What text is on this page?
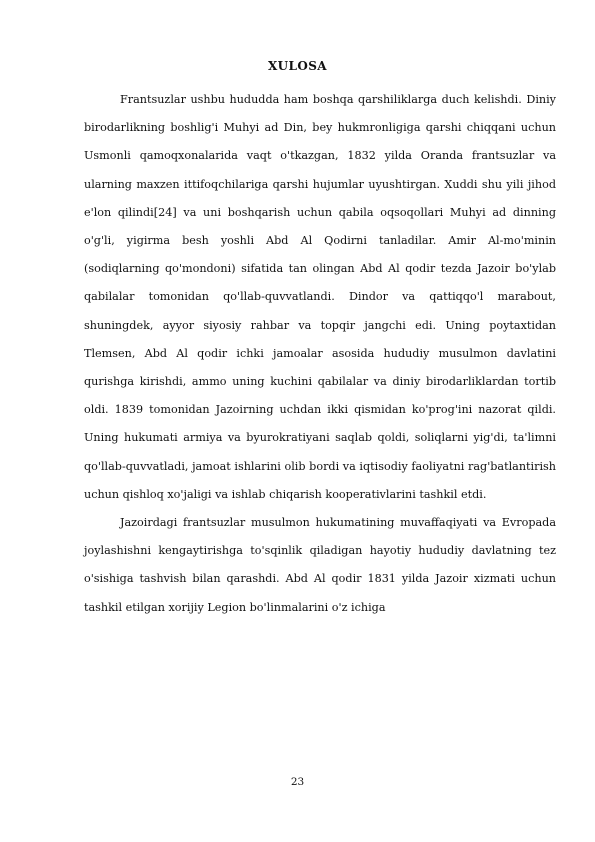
XULOSA

Frantsuzlar ushbu hududda ham boshqa qarshiliklarga duch kelishdi. Diniy birodarlikning boshlig'i Muhyi ad Din, bey hukmronligiga qarshi chiqqani uchun Usmonli qamoqxonalarida vaqt o'tkazgan, 1832 yilda Oranda frantsuzlar va ularning maxzen ittifoqchilariga qarshi hujumlar uyushtirgan. Xuddi shu yili jihod e'lon qilindi[24] va uni boshqarish uchun qabila oqsoqollari Muhyi ad dinning o'g'li, yigirma besh yoshli Abd Al Qodirni tanladilar. Amir Al-mo'minin (sodiqlarning qo'mondoni) sifatida tan olingan Abd Al qodir tezda Jazoir bo'ylab qabilalar tomonidan qo'llab-quvvatlandi. Dindor va qattiqqo'l marabout, shuningdek, ayyor siyosiy rahbar va topqir jangchi edi. Uning poytaxtidan Tlemsen, Abd Al qodir ichki jamoalar asosida hududiy musulmon davlatini qurishga kirishdi, ammo uning kuchini qabilalar va diniy birodarliklardan tortib oldi. 1839 tomonidan Jazoirning uchdan ikki qismidan ko'prog'ini nazorat qildi. Uning hukumati armiya va byurokratiyani saqlab qoldi, soliqlarni yig'di, ta'limni qo'llab-quvvatladi, jamoat ishlarini olib bordi va iqtisodiy faoliyatni rag'batlantirish uchun qishloq xo'jaligi va ishlab chiqarish kooperativlarini tashkil etdi.

Jazoirdagi frantsuzlar musulmon hukumatining muvaffaqiyati va Evropada joylashishni kengaytirishga to'sqinlik qiladigan hayotiy hududiy davlatning tez o'sishiga tashvish bilan qarashdi. Abd Al qodir 1831 yilda Jazoir xizmati uchun tashkil etilgan xorijiy Legion bo'linmalarini o'z ichiga

23
